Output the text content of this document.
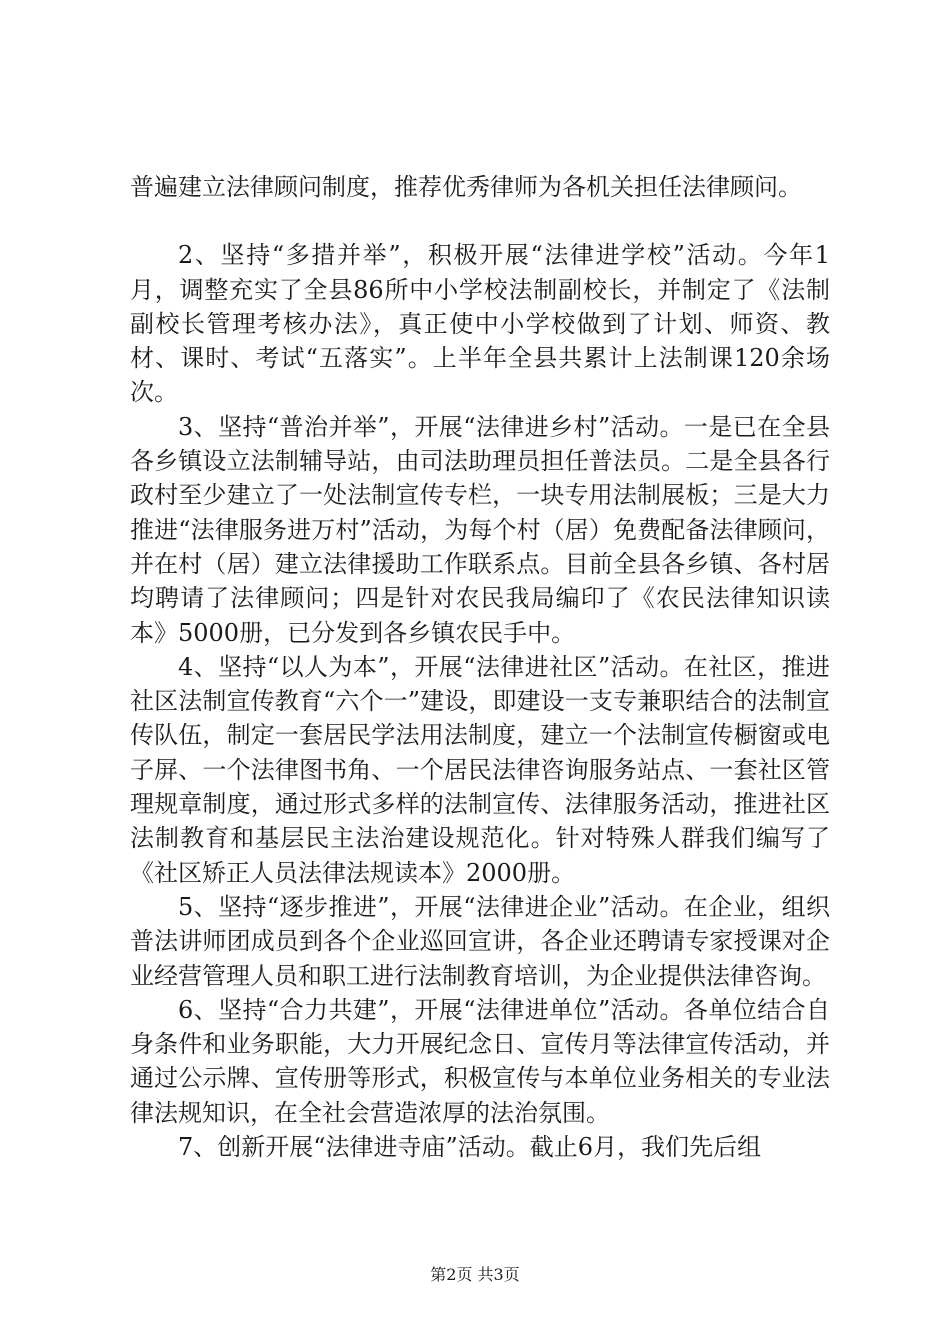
普遍建立法律顾问制度，推荐优秀律师为各机关担任法律顾问。

2、坚持“多措并举”，积极开展“法律进学校”活动。今年1月，调整充实了全县86所中小学校法制副校长，并制定了《法制副校长管理考核办法》，真正使中小学校做到了计划、师资、教材、课时、考试“五落实”。上半年全县共累计上法制课120余场次。

3、坚持“普治并举”，开展“法律进乡村”活动。一是已在全县各乡镇设立法制辅导站，由司法助理员担任普法员。二是全县各行政村至少建立了一处法制宣传专栏，一块专用法制展板；三是大力推进“法律服务进万村”活动，为每个村（居）免费配备法律顾问，并在村（居）建立法律援助工作联系点。目前全县各乡镇、各村居均聘请了法律顾问；四是针对农民我局编印了《农民法律知识读本》5000册，已分发到各乡镇农民手中。

4、坚持“以人为本”，开展“法律进社区”活动。在社区，推进社区法制宣传教育“六个一”建设，即建设一支专兼职结合的法制宣传队伍，制定一套居民学法用法制度，建立一个法制宣传橱窗或电子屏、一个法律图书角、一个居民法律咨询服务站点、一套社区管理规章制度，通过形式多样的法制宣传、法律服务活动，推进社区法制教育和基层民主法治建设规范化。针对特殊人群我们编写了《社区矫正人员法律法规读本》2000册。

5、坚持“逐步推进”，开展“法律进企业”活动。在企业，组织普法讲师团成员到各个企业巡回宣讲，各企业还聘请专家授课对企业经营管理人员和职工进行法制教育培训，为企业提供法律咨询。

6、坚持“合力共建”，开展“法律进单位”活动。各单位结合自身条件和业务职能，大力开展纪念日、宣传月等法律宣传活动，并通过公示牌、宣传册等形式，积极宣传与本单位业务相关的专业法律法规知识，在全社会营造浓厚的法治氛围。

7、创新开展“法律进寺庙”活动。截止6月，我们先后组

第2页 共3页
